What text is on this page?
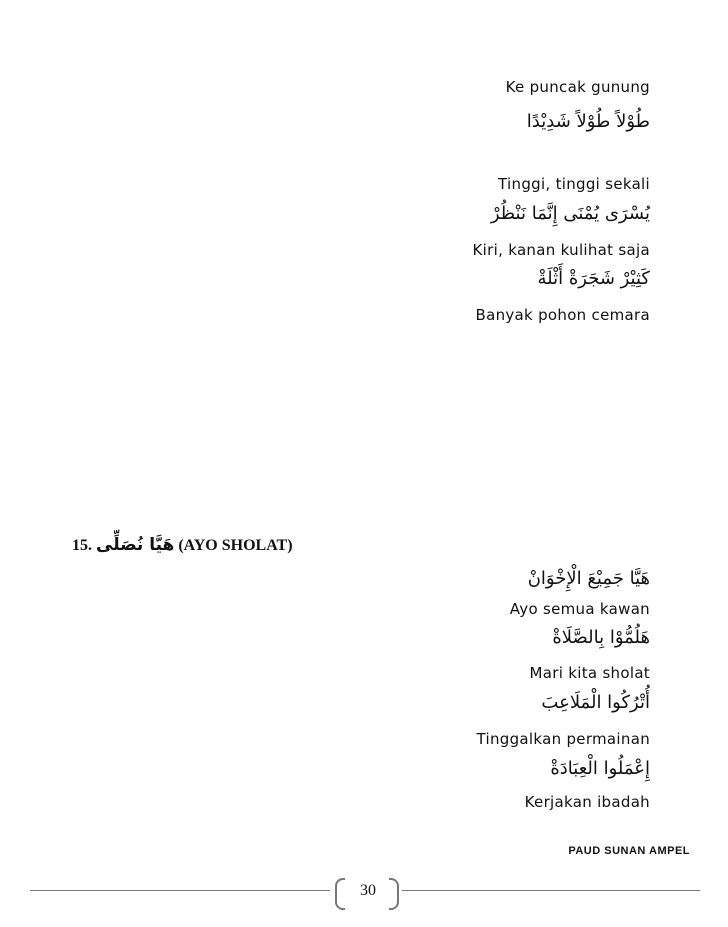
Ke puncak gunung
طُوْلاً طُوْلاً شَدِيْدًا
Tinggi, tinggi sekali
يُسْرَى يُمْنَى إِنَّمَا نَنْظُرْ
Kiri, kanan kulihat saja
كَثِيْرْ شَجَرَةْ أَثْلَةْ
Banyak pohon cemara
15. هَيَّا نُصَلِّى (AYO SHOLAT)
هَيَّا جَمِيْعَ الْإِخْوَانْ
Ayo semua kawan
هَلُمُّوْا بِالصَّلَاةْ
Mari kita sholat
أُتْرُكُوا الْمَلَاعِبَ
Tinggalkan permainan
إِعْمَلُوا الْعِبَادَةْ
Kerjakan ibadah
PAUD SUNAN AMPEL
30
